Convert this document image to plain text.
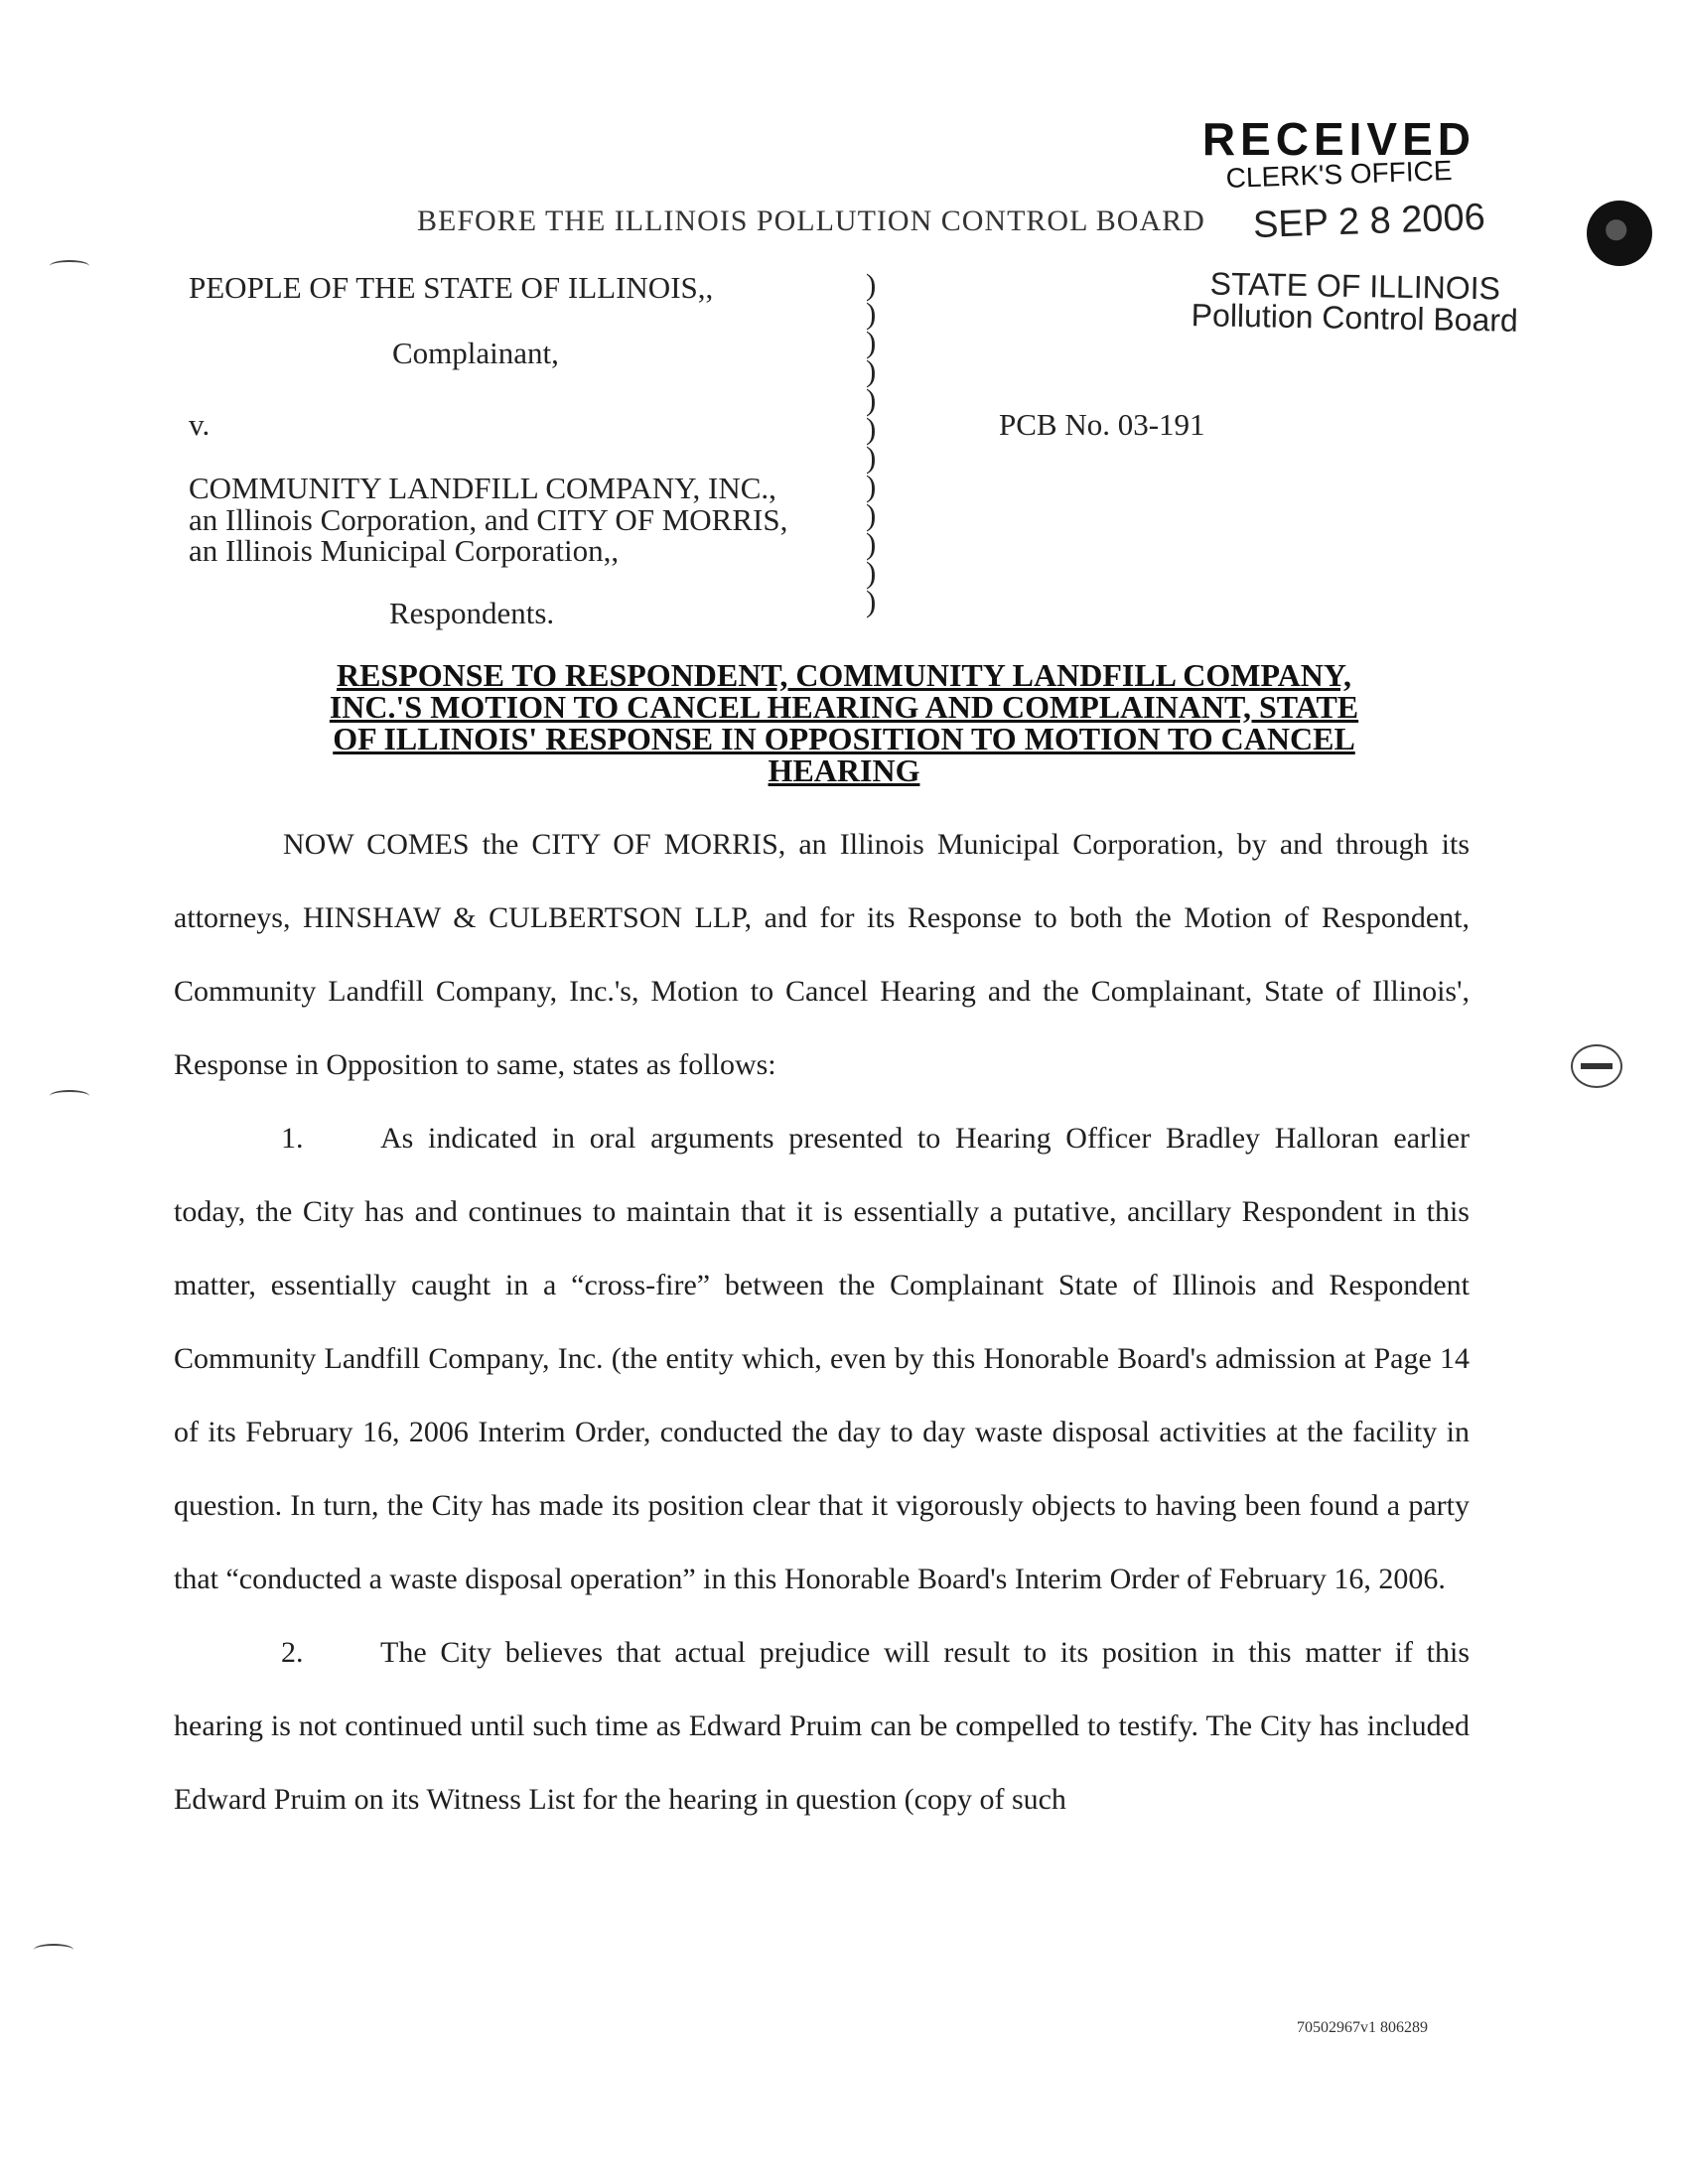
RECEIVED
CLERK'S OFFICE
BEFORE THE ILLINOIS POLLUTION CONTROL BOARD SEP 2 8 2006
STATE OF ILLINOIS
Pollution Control Board
PEOPLE OF THE STATE OF ILLINOIS,,
Complainant,
v.
COMMUNITY LANDFILL COMPANY, INC.,
an Illinois Corporation, and CITY OF MORRIS,
an Illinois Municipal Corporation,,
Respondents.
)
)
)
)
)
)
)
)
)
)
)
)
PCB No. 03-191
RESPONSE TO RESPONDENT, COMMUNITY LANDFILL COMPANY,
INC.'S MOTION TO CANCEL HEARING AND COMPLAINANT, STATE
OF ILLINOIS' RESPONSE IN OPPOSITION TO MOTION TO CANCEL
HEARING

NOW COMES the CITY OF MORRIS, an Illinois Municipal Corporation, by and through its attorneys, HINSHAW & CULBERTSON LLP, and for its Response to both the Motion of Respondent, Community Landfill Company, Inc.'s, Motion to Cancel Hearing and the Complainant, State of Illinois', Response in Opposition to same, states as follows:

1.	As indicated in oral arguments presented to Hearing Officer Bradley Halloran earlier today, the City has and continues to maintain that it is essentially a putative, ancillary Respondent in this matter, essentially caught in a “cross-fire” between the Complainant State of Illinois and Respondent Community Landfill Company, Inc. (the entity which, even by this Honorable Board's admission at Page 14 of its February 16, 2006 Interim Order, conducted the day to day waste disposal activities at the facility in question. In turn, the City has made its position clear that it vigorously objects to having been found a party that “conducted a waste disposal operation” in this Honorable Board's Interim Order of February 16, 2006.

2.	The City believes that actual prejudice will result to its position in this matter if this hearing is not continued until such time as Edward Pruim can be compelled to testify. The City has included Edward Pruim on its Witness List for the hearing in question (copy of such

70502967v1 806289
